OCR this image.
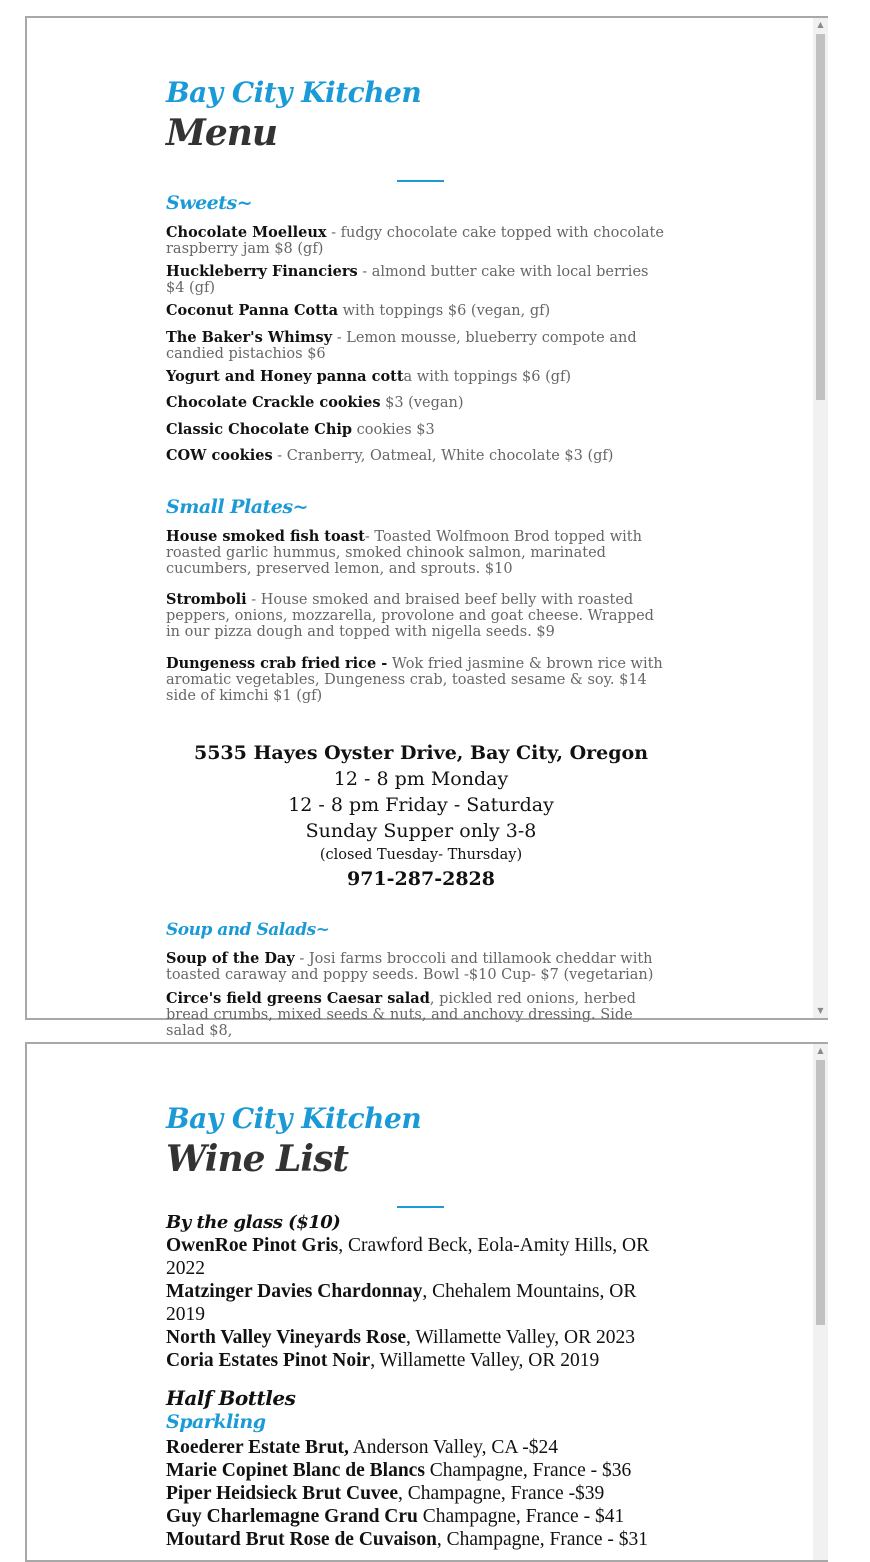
Bay City Kitchen
Menu
Sweets~

Chocolate Moelleux - fudgy chocolate cake topped with chocolate raspberry jam $8 (gf)

Huckleberry Financiers - almond butter cake with local berries $4 (gf)

Coconut Panna Cotta with toppings $6 (vegan, gf)

The Baker's Whimsy - Lemon mousse, blueberry compote and candied pistachios $6

Yogurt and Honey panna cotta with toppings $6 (gf)

Chocolate Crackle cookies $3 (vegan)

Classic Chocolate Chip cookies $3

COW cookies - Cranberry, Oatmeal, White chocolate $3 (gf)

Small Plates~

House smoked fish toast- Toasted Wolfmoon Brod topped with roasted garlic hummus, smoked chinook salmon, marinated cucumbers, preserved lemon, and sprouts. $10

Stromboli - House smoked and braised beef belly with roasted peppers, onions, mozzarella, provolone and goat cheese. Wrapped in our pizza dough and topped with nigella seeds. $9

Dungeness crab fried rice - Wok fried jasmine & brown rice with aromatic vegetables, Dungeness crab, toasted sesame & soy. $14 side of kimchi $1 (gf)

5535 Hayes Oyster Drive, Bay City, Oregon
12 - 8 pm Monday
12 - 8 pm Friday - Saturday
Sunday Supper only 3-8
(closed Tuesday- Thursday)
971-287-2828
Soup and Salads~

Soup of the Day - Josi farms broccoli and tillamook cheddar with toasted caraway and poppy seeds. Bowl -$10 Cup- $7 (vegetarian)

Circe's field greens Caesar salad, pickled red onions, herbed bread crumbs, mixed seeds & nuts, and anchovy dressing. Side salad $8,

▲
▼
Bay City Kitchen
Wine List
By the glass ($10)

OwenRoe Pinot Gris, Crawford Beck, Eola-Amity Hills, OR 2022

Matzinger Davies Chardonnay, Chehalem Mountains, OR 2019

North Valley Vineyards Rose, Willamette Valley, OR 2023

Coria Estates Pinot Noir, Willamette Valley, OR 2019

Half Bottles
Sparkling

Roederer Estate Brut, Anderson Valley, CA -$24

Marie Copinet Blanc de Blancs Champagne, France - $36

Piper Heidsieck Brut Cuvee, Champagne, France -$39

Guy Charlemagne Grand Cru Champagne, France - $41

Moutard Brut Rose de Cuvaison, Champagne, France - $31

▲
